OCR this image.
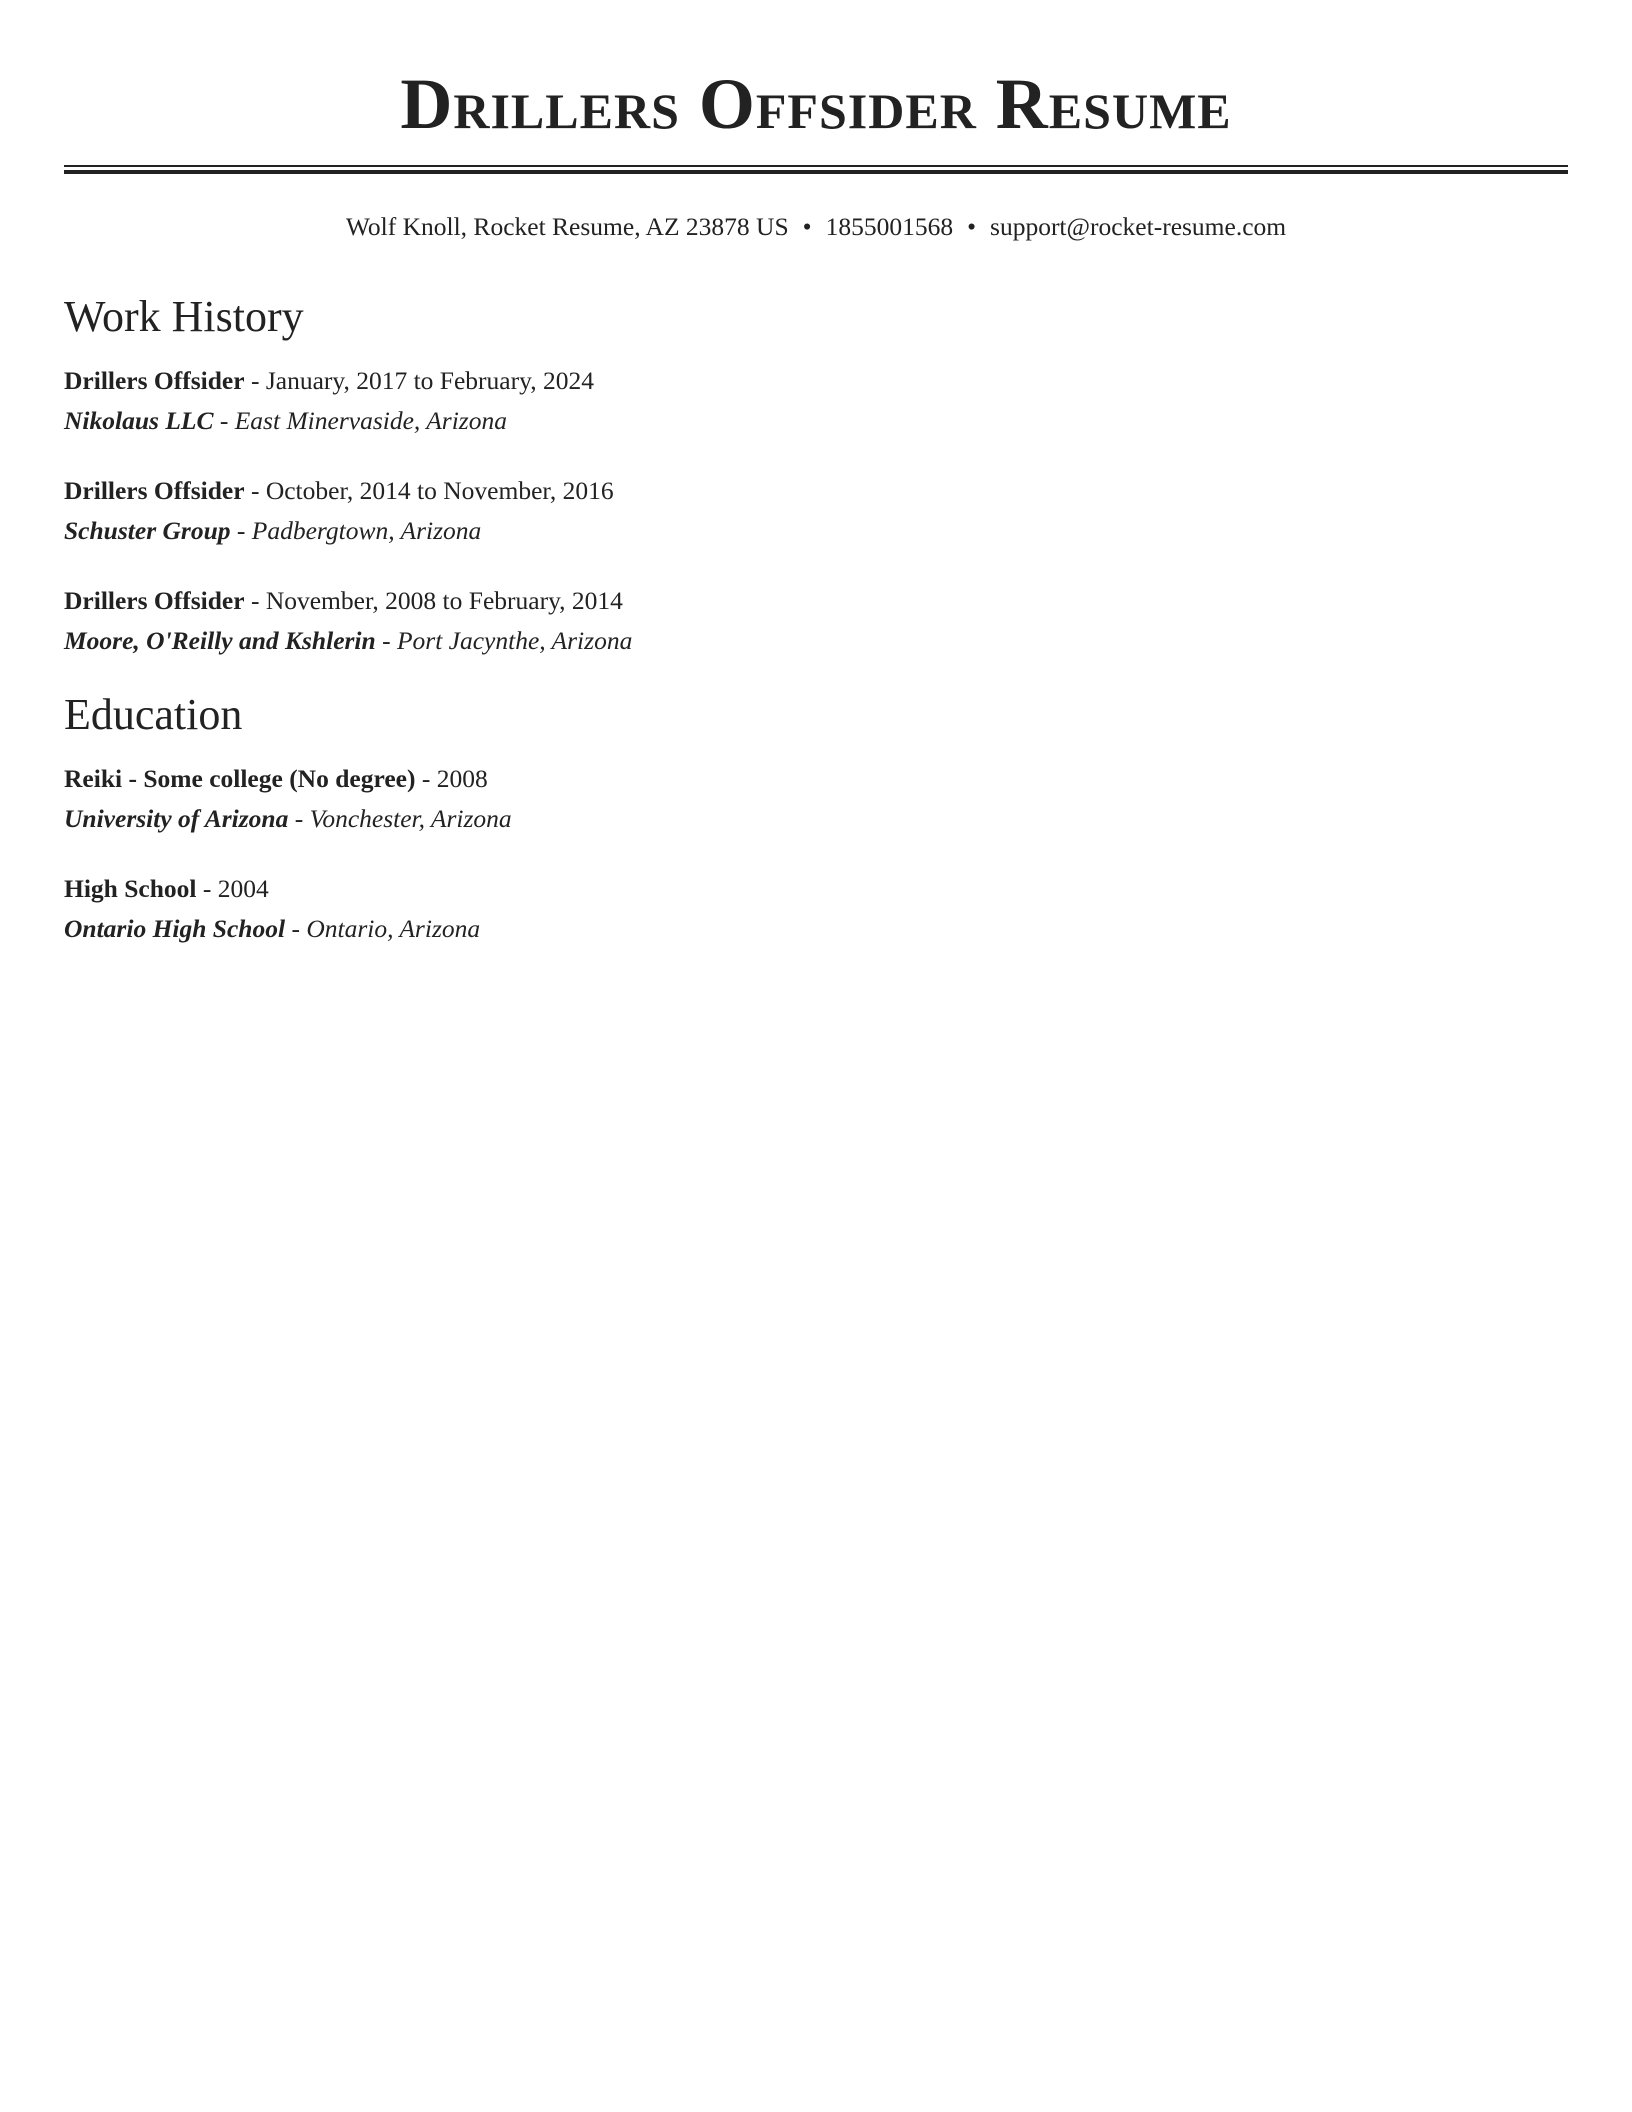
Drillers Offsider Resume
Wolf Knoll, Rocket Resume, AZ 23878 US • 1855001568 • support@rocket-resume.com
Work History
Drillers Offsider - January, 2017 to February, 2024
Nikolaus LLC - East Minervaside, Arizona
Drillers Offsider - October, 2014 to November, 2016
Schuster Group - Padbergtown, Arizona
Drillers Offsider - November, 2008 to February, 2014
Moore, O'Reilly and Kshlerin - Port Jacynthe, Arizona
Education
Reiki - Some college (No degree) - 2008
University of Arizona - Vonchester, Arizona
High School - 2004
Ontario High School - Ontario, Arizona
